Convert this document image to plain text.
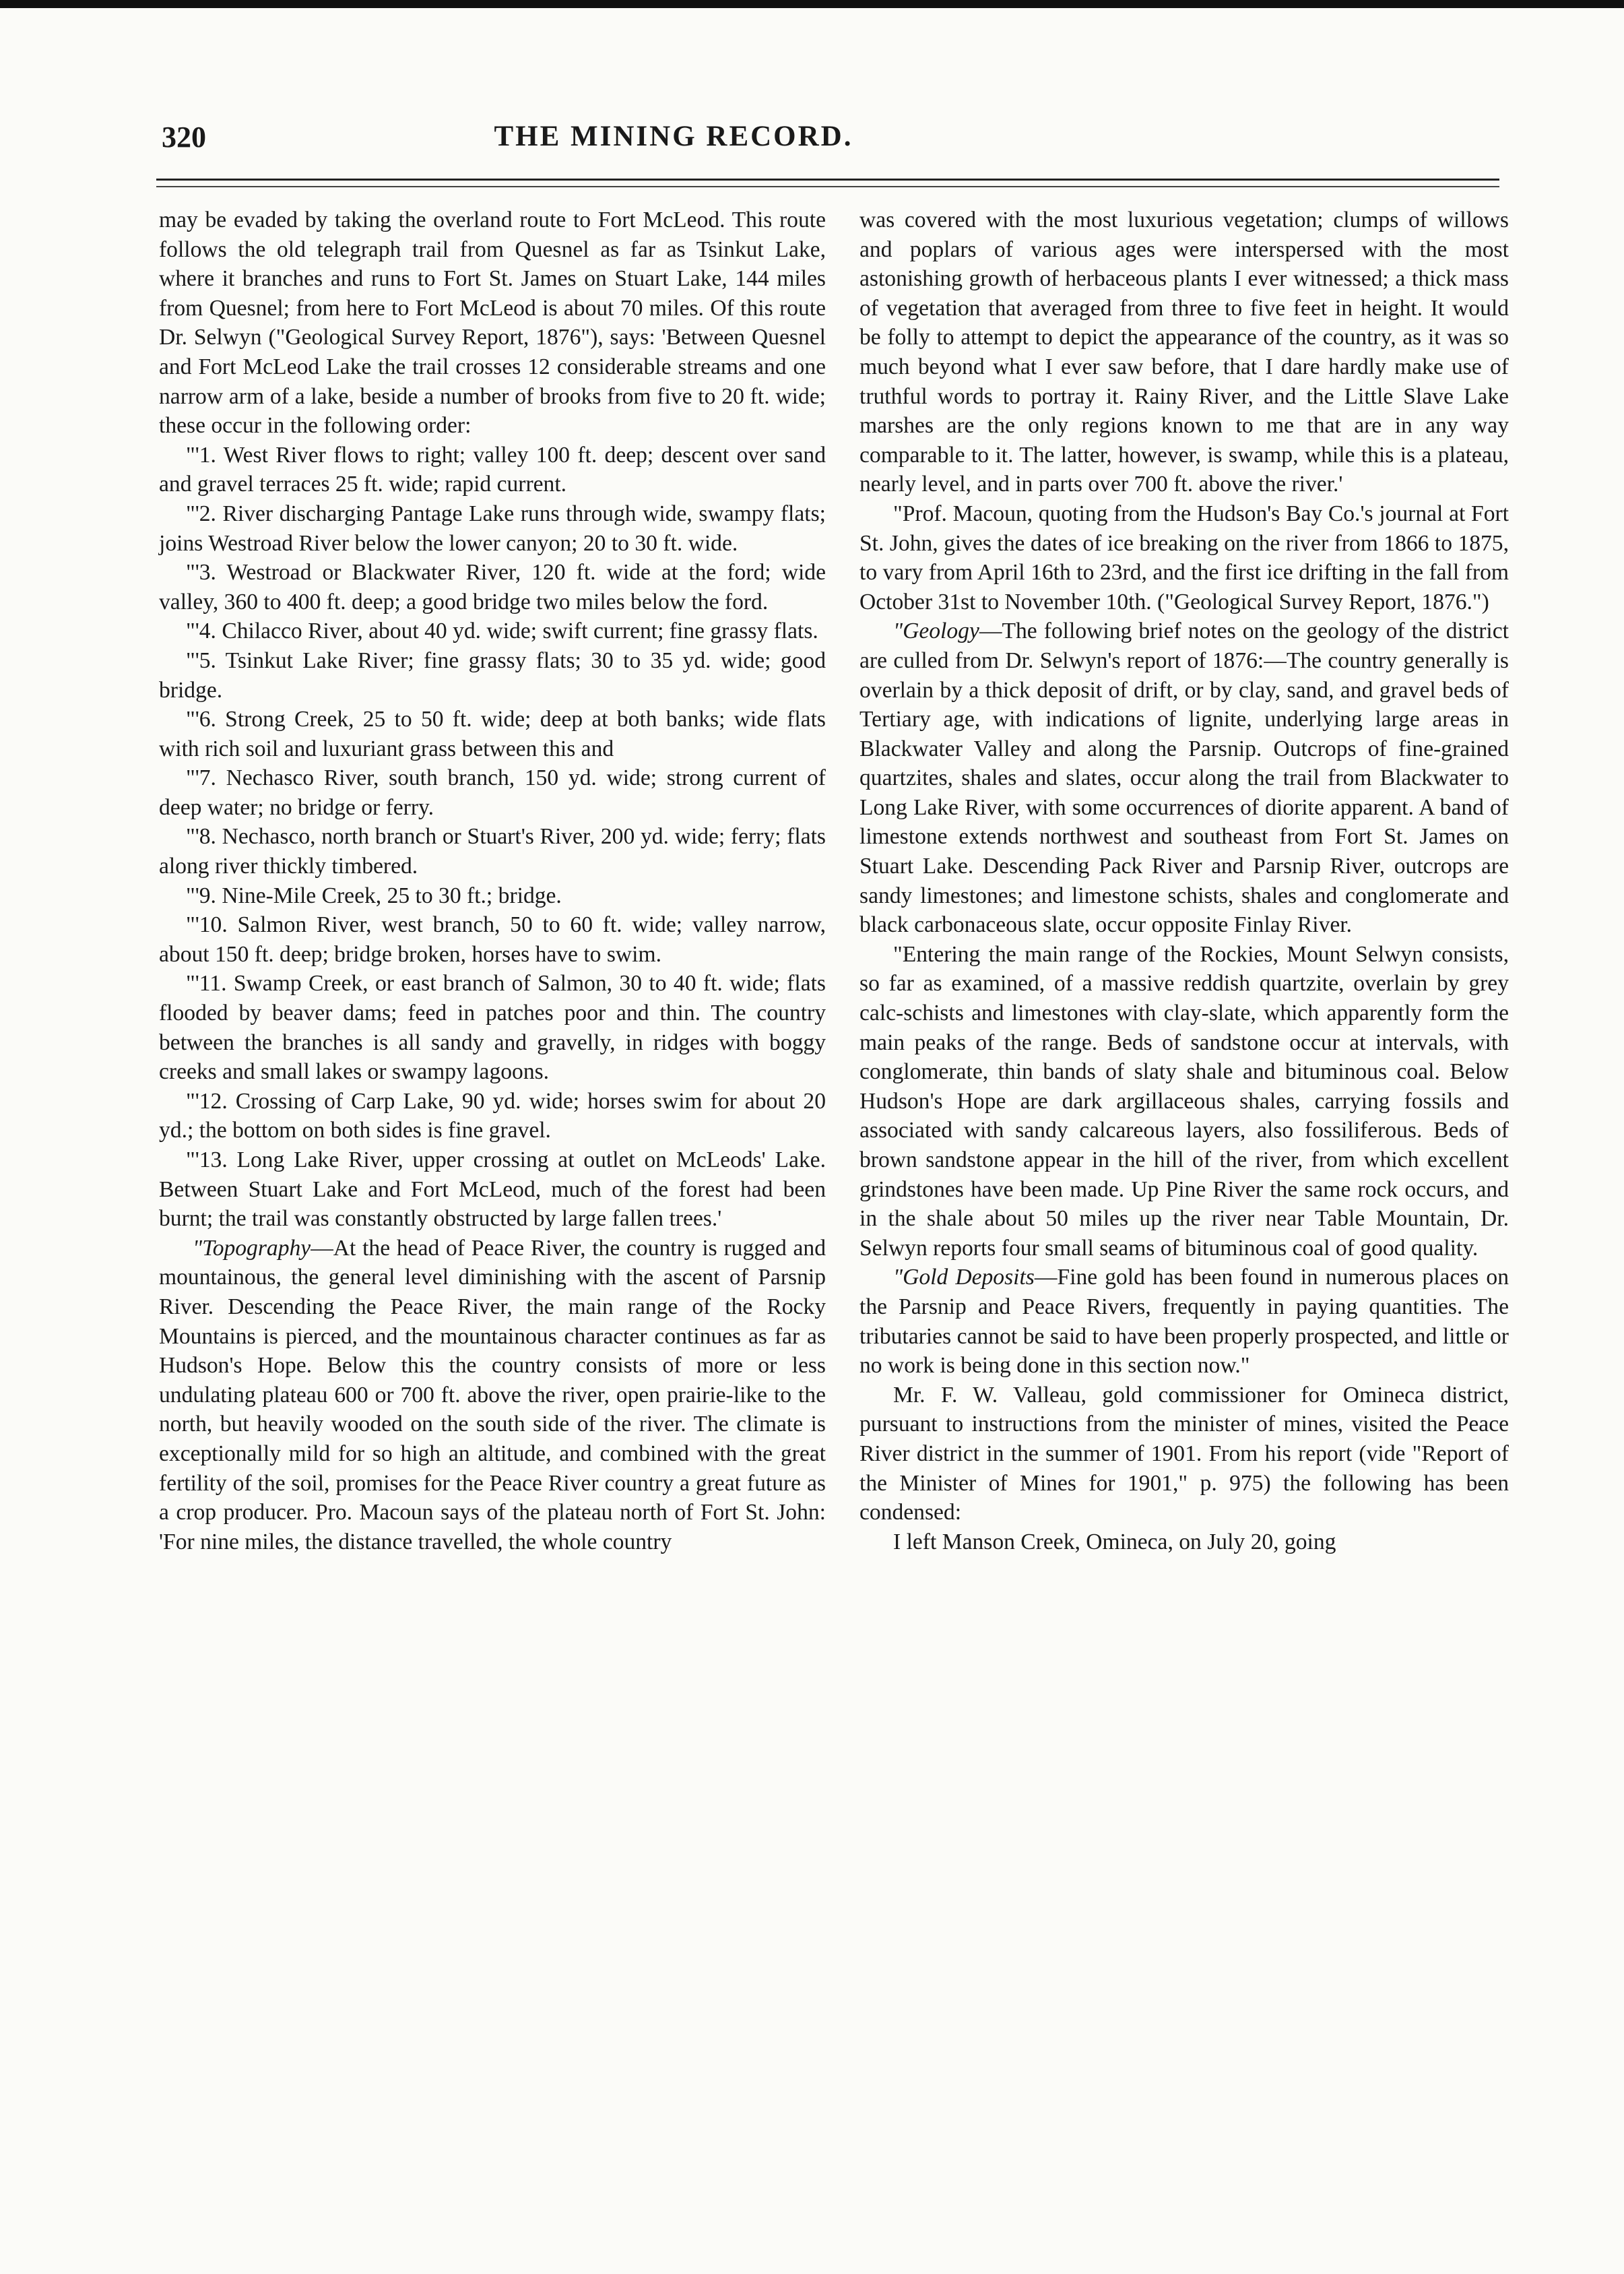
320	THE MINING RECORD.

may be evaded by taking the overland route to Fort McLeod. This route follows the old telegraph trail from Quesnel as far as Tsinkut Lake, where it branches and runs to Fort St. James on Stuart Lake, 144 miles from Quesnel; from here to Fort McLeod is about 70 miles. Of this route Dr. Selwyn ("Geological Survey Report, 1876"), says: 'Between Quesnel and Fort McLeod Lake the trail crosses 12 considerable streams and one narrow arm of a lake, beside a number of brooks from five to 20 ft. wide; these occur in the following order:

"'1. West River flows to right; valley 100 ft. deep; descent over sand and gravel terraces 25 ft. wide; rapid current.

"'2. River discharging Pantage Lake runs through wide, swampy flats; joins Westroad River below the lower canyon; 20 to 30 ft. wide.

"'3. Westroad or Blackwater River, 120 ft. wide at the ford; wide valley, 360 to 400 ft. deep; a good bridge two miles below the ford.

"'4. Chilacco River, about 40 yd. wide; swift current; fine grassy flats.

"'5. Tsinkut Lake River; fine grassy flats; 30 to 35 yd. wide; good bridge.

"'6. Strong Creek, 25 to 50 ft. wide; deep at both banks; wide flats with rich soil and luxuriant grass between this and

"'7. Nechasco River, south branch, 150 yd. wide; strong current of deep water; no bridge or ferry.

"'8. Nechasco, north branch or Stuart's River, 200 yd. wide; ferry; flats along river thickly timbered.

"'9. Nine-Mile Creek, 25 to 30 ft.; bridge.

"'10. Salmon River, west branch, 50 to 60 ft. wide; valley narrow, about 150 ft. deep; bridge broken, horses have to swim.

"'11. Swamp Creek, or east branch of Salmon, 30 to 40 ft. wide; flats flooded by beaver dams; feed in patches poor and thin. The country between the branches is all sandy and gravelly, in ridges with boggy creeks and small lakes or swampy lagoons.

"'12. Crossing of Carp Lake, 90 yd. wide; horses swim for about 20 yd.; the bottom on both sides is fine gravel.

"'13. Long Lake River, upper crossing at outlet on McLeods' Lake. Between Stuart Lake and Fort McLeod, much of the forest had been burnt; the trail was constantly obstructed by large fallen trees.'

"Topography—At the head of Peace River, the country is rugged and mountainous, the general level diminishing with the ascent of Parsnip River. Descending the Peace River, the main range of the Rocky Mountains is pierced, and the mountainous character continues as far as Hudson's Hope. Below this the country consists of more or less undulating plateau 600 or 700 ft. above the river, open prairie-like to the north, but heavily wooded on the south side of the river. The climate is exceptionally mild for so high an altitude, and combined with the great fertility of the soil, promises for the Peace River country a great future as a crop producer. Pro. Macoun says of the plateau north of Fort St. John: 'For nine miles, the distance travelled, the whole country

was covered with the most luxurious vegetation; clumps of willows and poplars of various ages were interspersed with the most astonishing growth of herbaceous plants I ever witnessed; a thick mass of vegetation that averaged from three to five feet in height. It would be folly to attempt to depict the appearance of the country, as it was so much beyond what I ever saw before, that I dare hardly make use of truthful words to portray it. Rainy River, and the Little Slave Lake marshes are the only regions known to me that are in any way comparable to it. The latter, however, is swamp, while this is a plateau, nearly level, and in parts over 700 ft. above the river.'

"Prof. Macoun, quoting from the Hudson's Bay Co.'s journal at Fort St. John, gives the dates of ice breaking on the river from 1866 to 1875, to vary from April 16th to 23rd, and the first ice drifting in the fall from October 31st to November 10th. ("Geological Survey Report, 1876.")

"Geology—The following brief notes on the geology of the district are culled from Dr. Selwyn's report of 1876:—The country generally is overlain by a thick deposit of drift, or by clay, sand, and gravel beds of Tertiary age, with indications of lignite, underlying large areas in Blackwater Valley and along the Parsnip. Outcrops of fine-grained quartzites, shales and slates, occur along the trail from Blackwater to Long Lake River, with some occurrences of diorite apparent. A band of limestone extends northwest and southeast from Fort St. James on Stuart Lake. Descending Pack River and Parsnip River, outcrops are sandy limestones; and limestone schists, shales and conglomerate and black carbonaceous slate, occur opposite Finlay River.

"Entering the main range of the Rockies, Mount Selwyn consists, so far as examined, of a massive reddish quartzite, overlain by grey calc-schists and limestones with clay-slate, which apparently form the main peaks of the range. Beds of sandstone occur at intervals, with conglomerate, thin bands of slaty shale and bituminous coal. Below Hudson's Hope are dark argillaceous shales, carrying fossils and associated with sandy calcareous layers, also fossiliferous. Beds of brown sandstone appear in the hill of the river, from which excellent grindstones have been made. Up Pine River the same rock occurs, and in the shale about 50 miles up the river near Table Mountain, Dr. Selwyn reports four small seams of bituminous coal of good quality.

"Gold Deposits—Fine gold has been found in numerous places on the Parsnip and Peace Rivers, frequently in paying quantities. The tributaries cannot be said to have been properly prospected, and little or no work is being done in this section now."

Mr. F. W. Valleau, gold commissioner for Omineca district, pursuant to instructions from the minister of mines, visited the Peace River district in the summer of 1901. From his report (vide "Report of the Minister of Mines for 1901," p. 975) the following has been condensed:

I left Manson Creek, Omineca, on July 20, going
